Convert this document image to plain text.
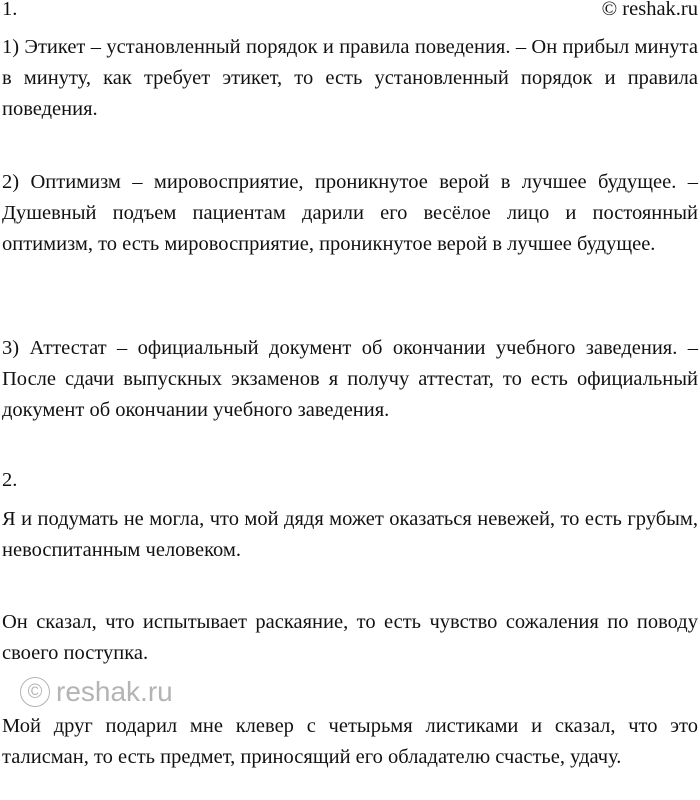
1.	© reshak.ru
1) Этикет – установленный порядок и правила поведения. – Он прибыл минута в минуту, как требует этикет, то есть установленный порядок и правила поведения.
2) Оптимизм – мировосприятие, проникнутое верой в лучшее будущее. – Душевный подъем пациентам дарили его весёлое лицо и постоянный оптимизм, то есть мировосприятие, проникнутое верой в лучшее будущее.
3) Аттестат – официальный документ об окончании учебного заведения. – После сдачи выпускных экзаменов я получу аттестат, то есть официальный документ об окончании учебного заведения.
2.
Я и подумать не могла, что мой дядя может оказаться невежей, то есть грубым, невоспитанным человеком.
Он сказал, что испытывает раскаяние, то есть чувство сожаления по поводу своего поступка.
Мой друг подарил мне клевер с четырьмя листиками и сказал, что это талисман, то есть предмет, приносящий его обладателю счастье, удачу.
© reshak.ru
